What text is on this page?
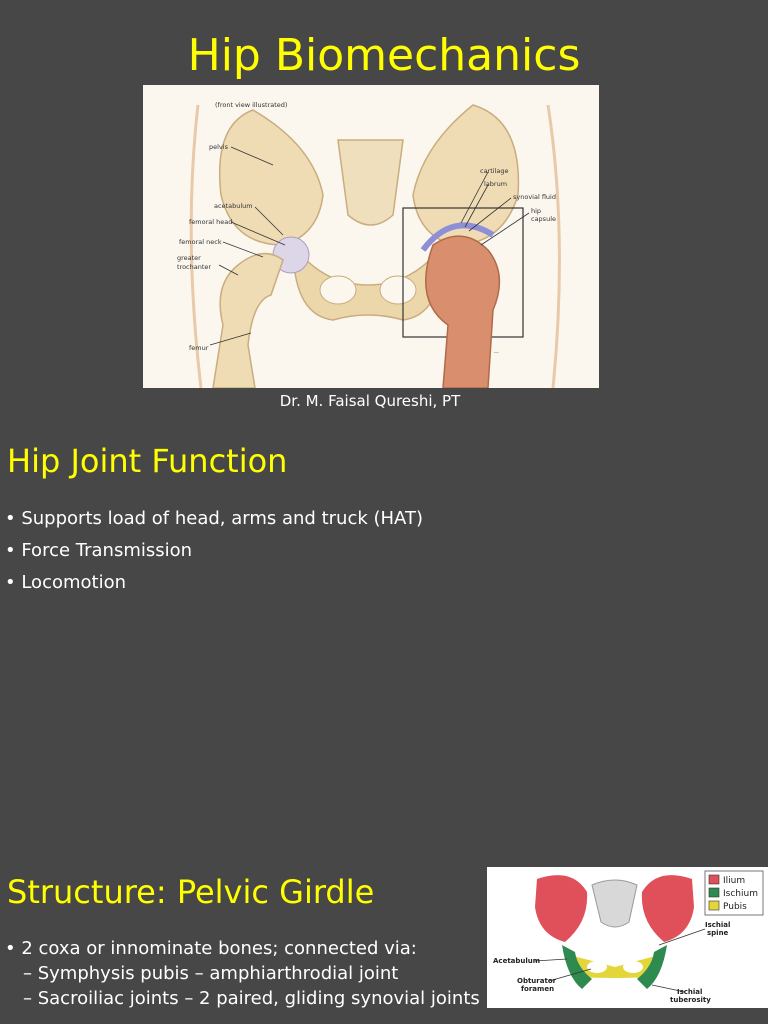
Hip Biomechanics
~
(front view illustrated)
pelvis
acetabulum
femoral head
femoral neck
greater
trochanter
femur
cartilage
labrum
synovial fluid
hip
capsule
Dr. M. Faisal Qureshi, PT
Hip Joint Function
• Supports load of head, arms and truck (HAT)
• Force Transmission
• Locomotion
Structure: Pelvic Girdle
• 2 coxa or innominate bones; connected via:
– Symphysis pubis – amphiarthrodial joint
– Sacroiliac joints – 2 paired, gliding synovial joints
Ilium
Ischium
Pubis
Acetabulum
Obturator
foramen
Ischial
spine
Ischial
tuberosity
